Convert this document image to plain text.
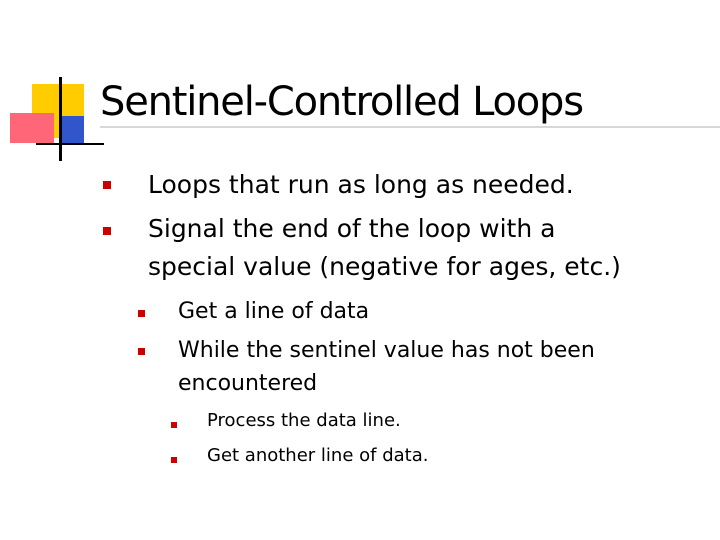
Sentinel-Controlled Loops
Loops that run as long as needed.
Signal the end of the loop with a
special value (negative for ages, etc.)
Get a line of data
While the sentinel value has not been
encountered
Process the data line.
Get another line of data.
